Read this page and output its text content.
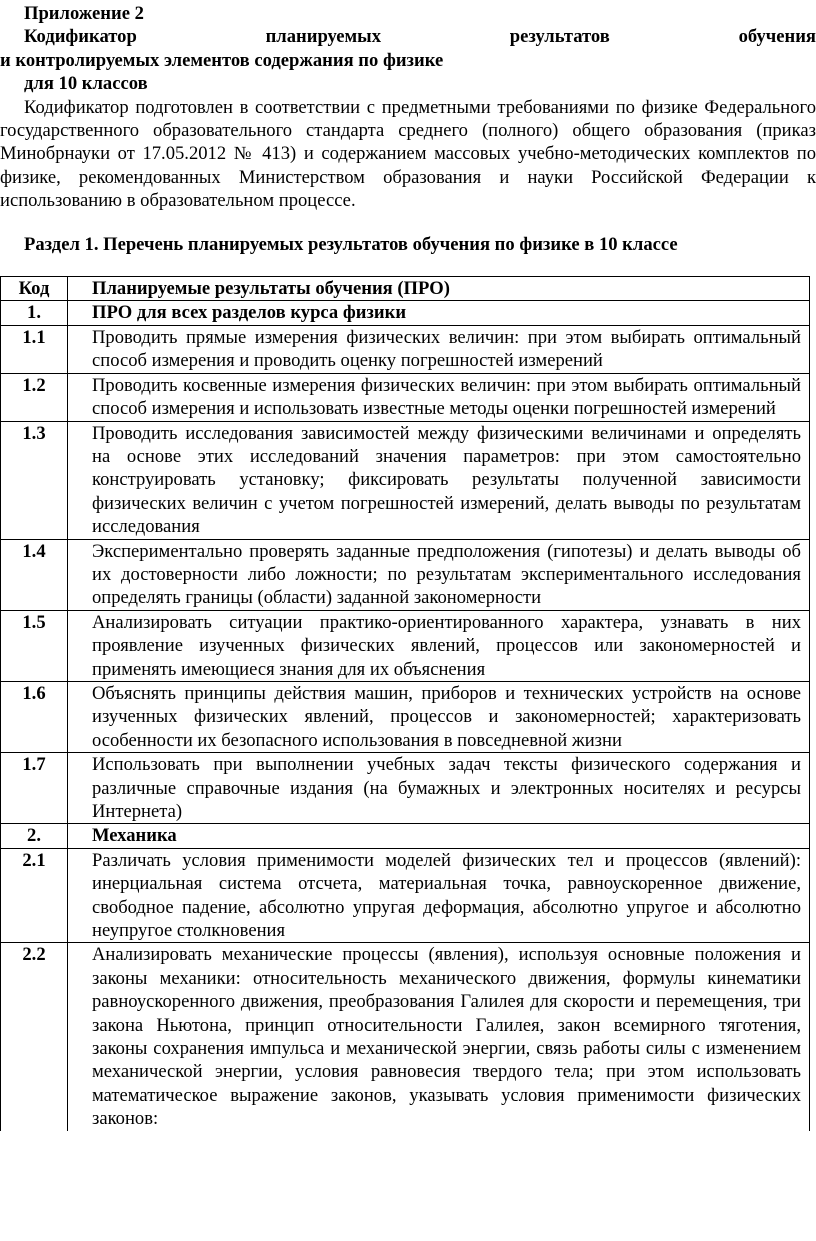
Приложение 2
Кодификатор	планируемых	результатов	обучения
и контролируемых элементов содержания по физике
для 10 классов
Кодификатор подготовлен в соответствии с предметными требованиями по физике Федерального государственного образовательного стандарта среднего (полного) общего образования (приказ Минобрнауки от 17.05.2012 № 413) и содержанием массовых учебно-методических комплектов по физике, рекомендованных Министерством образования и науки Российской Федерации к использованию в образовательном процессе.
Раздел 1. Перечень планируемых результатов обучения по физике в 10 классе
Код	Планируемые результаты обучения (ПРО)
1.	ПРО для всех разделов курса физики
1.1	Проводить прямые измерения физических величин: при этом выбирать оптимальный способ измерения и проводить оценку погрешностей измерений
1.2	Проводить косвенные измерения физических величин: при этом выбирать оптимальный способ измерения и использовать известные методы оценки погрешностей измерений
1.3	Проводить исследования зависимостей между физическими величинами и определять на основе этих исследований значения параметров: при этом самостоятельно конструировать установку; фиксировать результаты полученной зависимости физических величин с учетом погрешностей измерений, делать выводы по результатам исследования
1.4	Экспериментально проверять заданные предположения (гипотезы) и делать выводы об их достоверности либо ложности; по результатам экспериментального исследования определять границы (области) заданной закономерности
1.5	Анализировать ситуации практико-ориентированного характера, узнавать в них проявление изученных физических явлений, процессов или закономерностей и применять имеющиеся знания для их объяснения
1.6	Объяснять принципы действия машин, приборов и технических устройств на основе изученных физических явлений, процессов и закономерностей; характеризовать особенности их безопасного использования в повседневной жизни
1.7	Использовать при выполнении учебных задач тексты физического содержания и различные справочные издания (на бумажных и электронных носителях и ресурсы Интернета)
2.	Механика
2.1	Различать условия применимости моделей физических тел и процессов (явлений): инерциальная система отсчета, материальная точка, равноускоренное движение, свободное падение, абсолютно упругая деформация, абсолютно упругое и абсолютно неупругое столкновения
2.2	Анализировать механические процессы (явления), используя основные положения и законы механики: относительность механического движения, формулы кинематики равноускоренного движения, преобразования Галилея для скорости и перемещения, три закона Ньютона, принцип относительности Галилея, закон всемирного тяготения, законы сохранения импульса и механической энергии, связь работы силы с изменением механической энергии, условия равновесия твердого тела; при этом использовать математическое выражение законов, указывать условия применимости физических законов:
